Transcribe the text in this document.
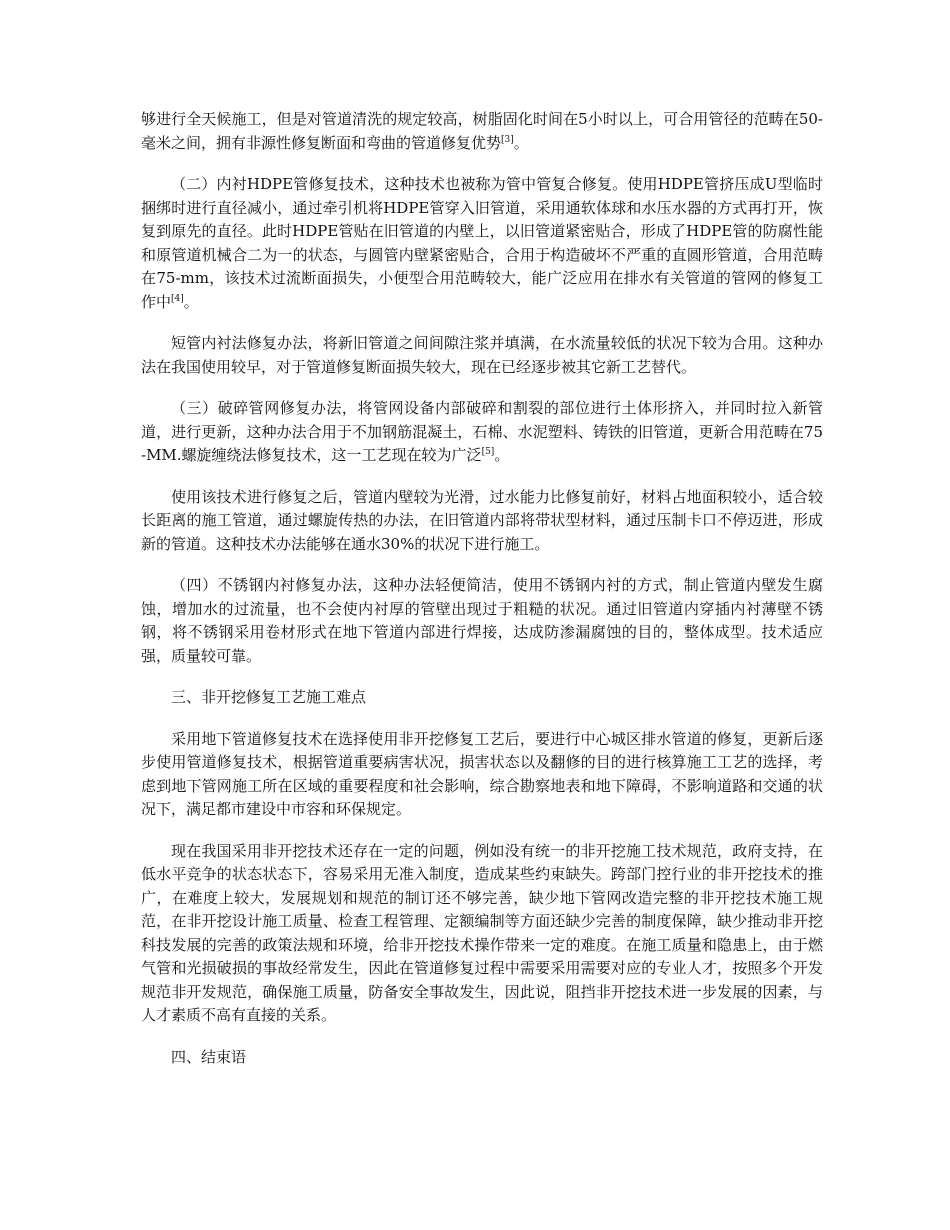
够进行全天候施工，但是对管道清洗的规定较高，树脂固化时间在5小时以上，可合用管径的范畴在50-毫米之间，拥有非源性修复断面和弯曲的管道修复优势[3]。

（二）内衬HDPE管修复技术，这种技术也被称为管中管复合修复。使用HDPE管挤压成U型临时捆绑时进行直径减小，通过牵引机将HDPE管穿入旧管道，采用通软体球和水压水器的方式再打开，恢复到原先的直径。此时HDPE管贴在旧管道的内壁上，以旧管道紧密贴合，形成了HDPE管的防腐性能和原管道机械合二为一的状态，与圆管内壁紧密贴合，合用于构造破坏不严重的直圆形管道，合用范畴在75-mm，该技术过流断面损失，小便型合用范畴较大，能广泛应用在排水有关管道的管网的修复工作中[4]。

短管内衬法修复办法，将新旧管道之间间隙注浆并填满，在水流量较低的状况下较为合用。这种办法在我国使用较早，对于管道修复断面损失较大，现在已经逐步被其它新工艺替代。

（三）破碎管网修复办法，将管网设备内部破碎和割裂的部位进行土体形挤入，并同时拉入新管道，进行更新，这种办法合用于不加钢筋混凝土，石棉、水泥塑料、铸铁的旧管道，更新合用范畴在75-MM.螺旋缠绕法修复技术，这一工艺现在较为广泛[5]。

使用该技术进行修复之后，管道内壁较为光滑，过水能力比修复前好，材料占地面积较小，适合较长距离的施工管道，通过螺旋传热的办法，在旧管道内部将带状型材料，通过压制卡口不停迈进，形成新的管道。这种技术办法能够在通水30%的状况下进行施工。

（四）不锈钢内衬修复办法，这种办法轻便简洁，使用不锈钢内衬的方式，制止管道内壁发生腐蚀，增加水的过流量，也不会使内衬厚的管壁出现过于粗糙的状况。通过旧管道内穿插内衬薄壁不锈钢，将不锈钢采用卷材形式在地下管道内部进行焊接，达成防渗漏腐蚀的目的，整体成型。技术适应强，质量较可靠。

三、非开挖修复工艺施工难点

采用地下管道修复技术在选择使用非开挖修复工艺后，要进行中心城区排水管道的修复，更新后逐步使用管道修复技术，根据管道重要病害状况，损害状态以及翻修的目的进行核算施工工艺的选择，考虑到地下管网施工所在区域的重要程度和社会影响，综合勘察地表和地下障碍，不影响道路和交通的状况下，满足都市建设中市容和环保规定。

现在我国采用非开挖技术还存在一定的问题，例如没有统一的非开挖施工技术规范，政府支持，在低水平竞争的状态状态下，容易采用无准入制度，造成某些约束缺失。跨部门控行业的非开挖技术的推广，在难度上较大，发展规划和规范的制订还不够完善，缺少地下管网改造完整的非开挖技术施工规范，在非开挖设计施工质量、检查工程管理、定额编制等方面还缺少完善的制度保障，缺少推动非开挖科技发展的完善的政策法规和环境，给非开挖技术操作带来一定的难度。在施工质量和隐患上，由于燃气管和光损破损的事故经常发生，因此在管道修复过程中需要采用需要对应的专业人才，按照多个开发规范非开发规范，确保施工质量，防备安全事故发生，因此说，阻挡非开挖技术进一步发展的因素，与人才素质不高有直接的关系。

四、结束语
